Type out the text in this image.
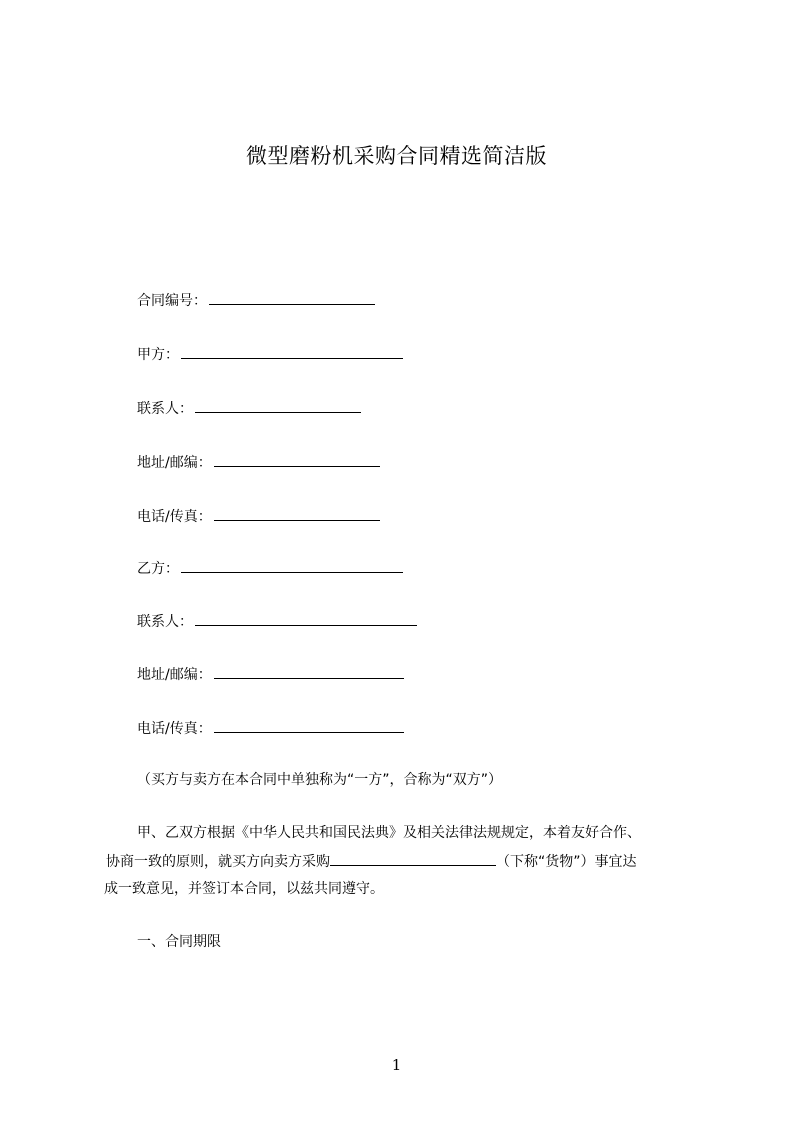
微型磨粉机采购合同精选简洁版
合同编号：
甲方：
联系人：
地址/邮编：
电话/传真：
乙方：
联系人：
地址/邮编：
电话/传真：
（买方与卖方在本合同中单独称为“一方”，合称为“双方”）
甲、乙双方根据《中华人民共和国民法典》及相关法律法规规定，本着友好合作、
协商一致的原则，就买方向卖方采购	（下称“货物”）事宜达
成一致意见，并签订本合同，以兹共同遵守。
一、合同期限
1
